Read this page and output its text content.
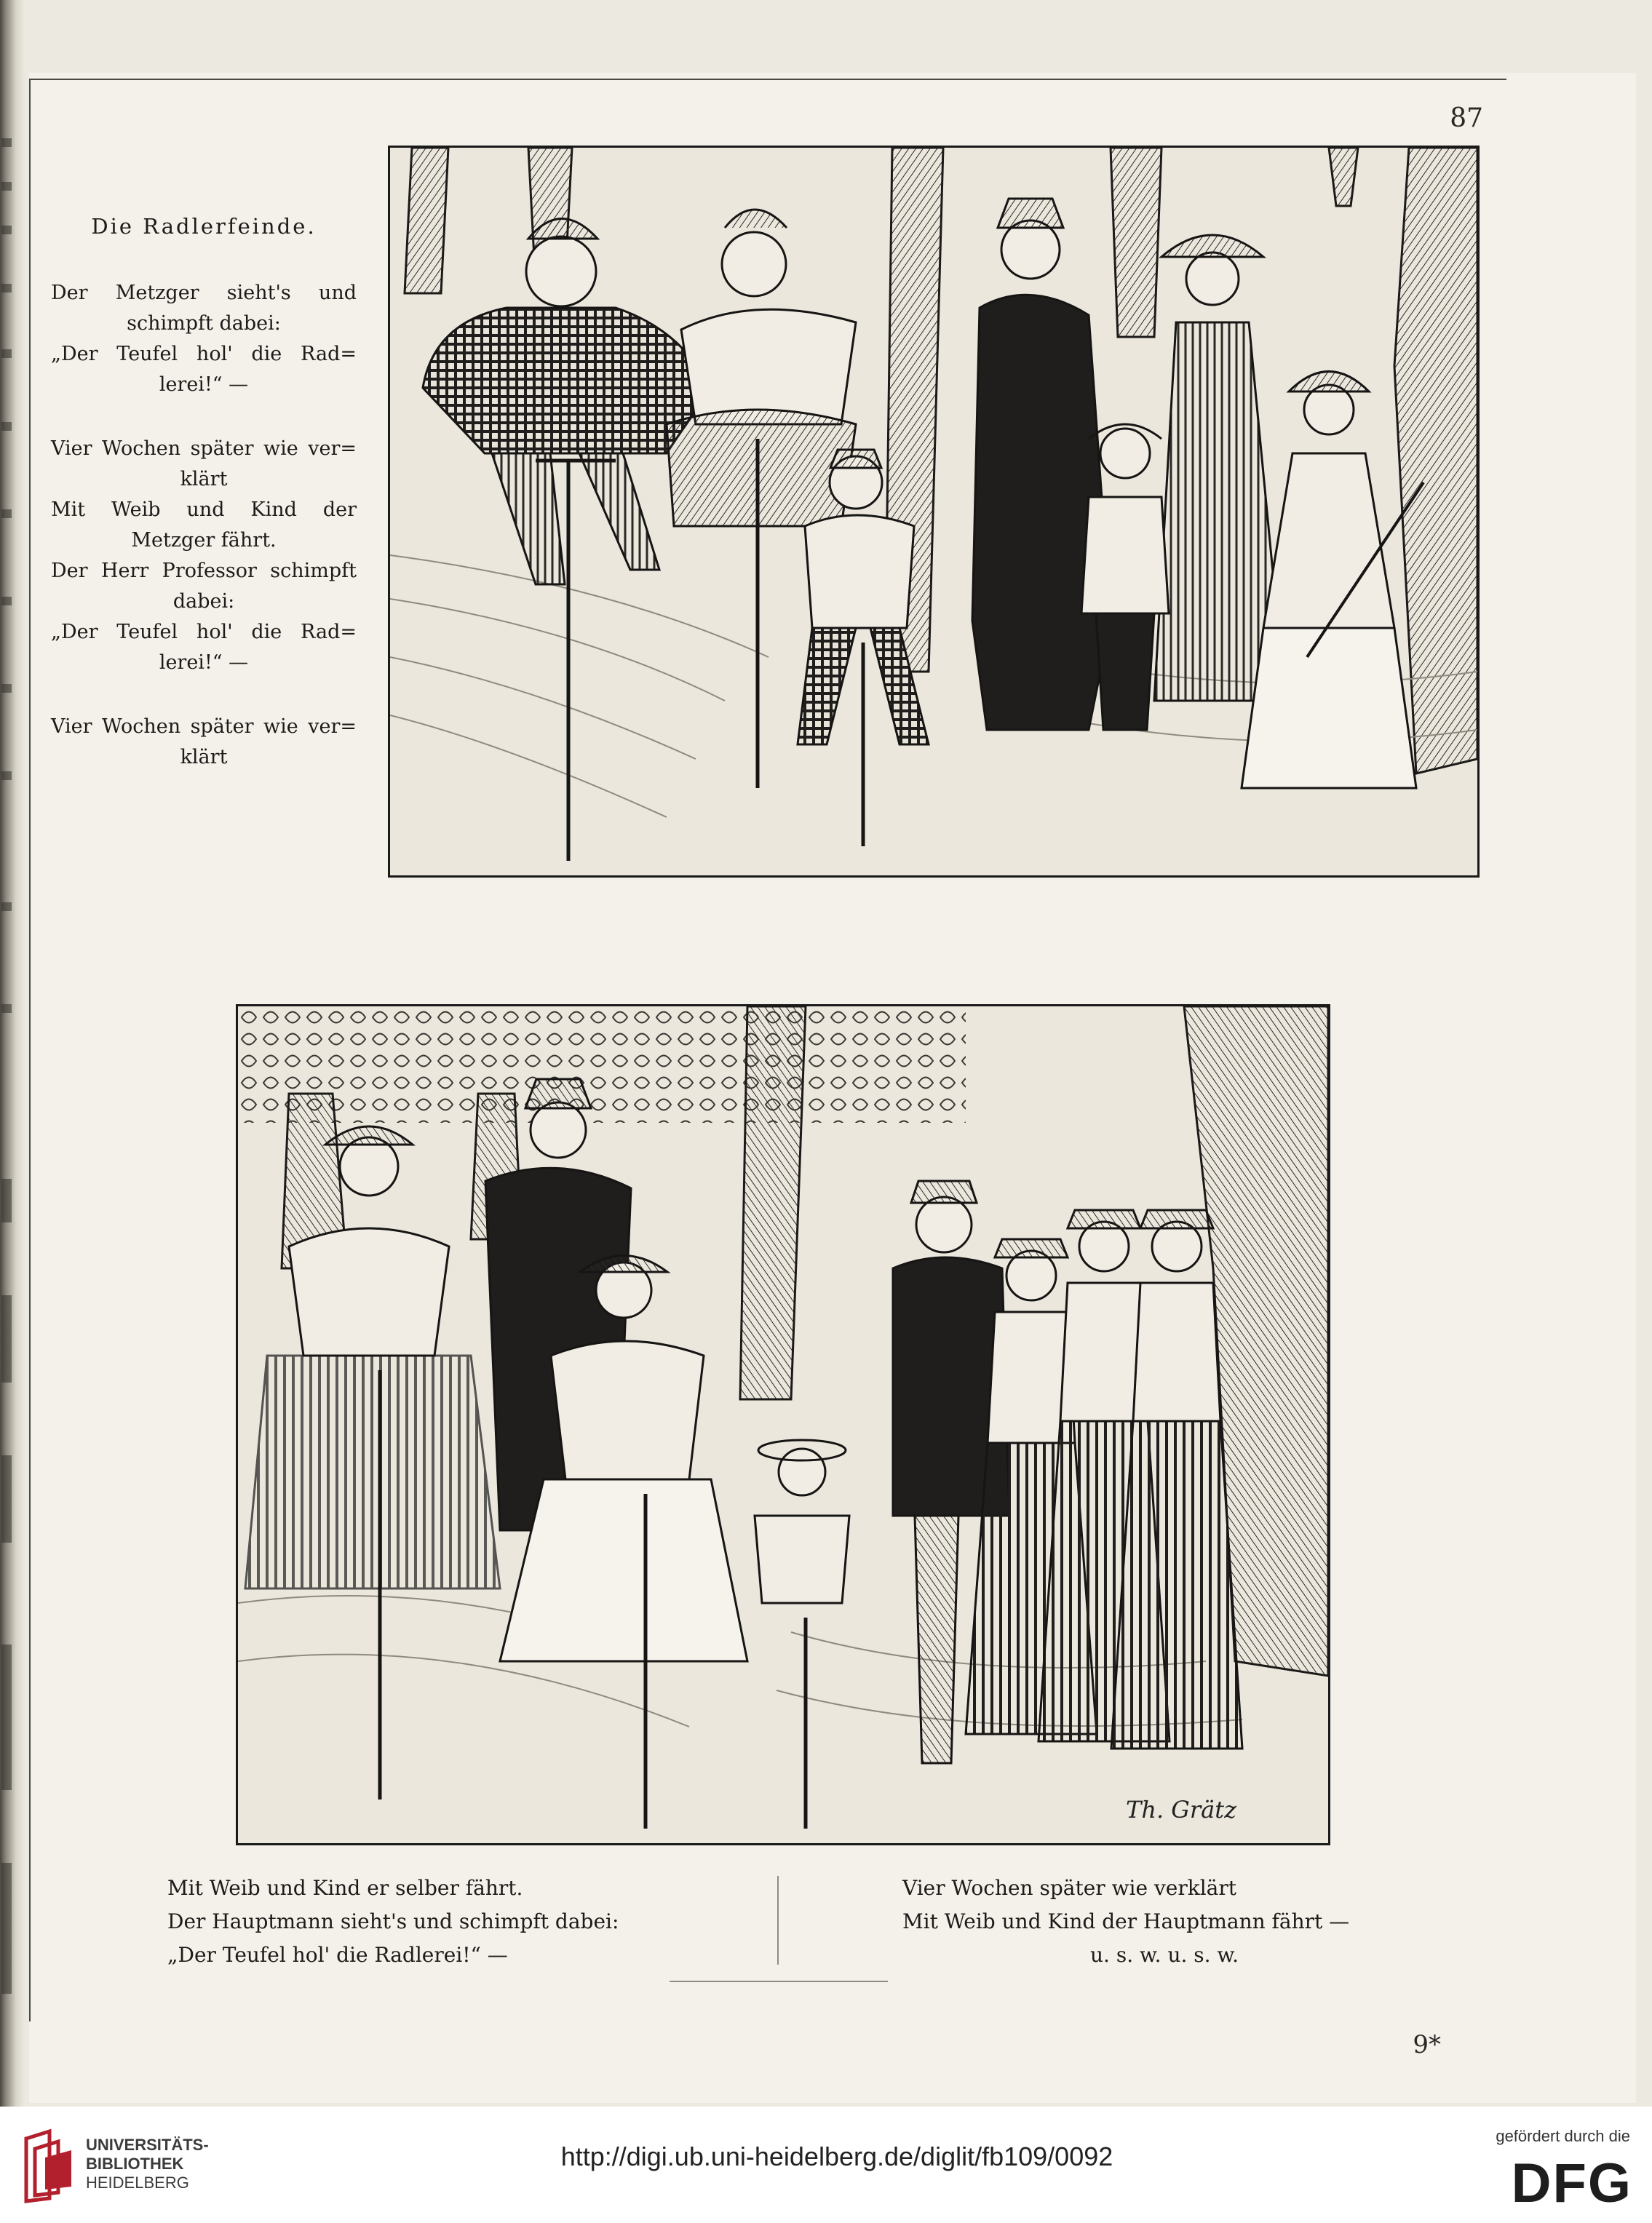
87
Die Radlerfeinde.
Der Metzger sieht's und
schimpft dabei:
„Der Teufel hol' die Rad=
lerei!“ —
Vier Wochen später wie ver=
klärt
Mit Weib und Kind der
Metzger fährt.
Der Herr Professor schimpft
dabei:
„Der Teufel hol' die Rad=
lerei!“ —
Vier Wochen später wie ver=
klärt
Th. Grätz
Mit Weib und Kind er selber fährt.
Der Hauptmann sieht's und schimpft dabei:
„Der Teufel hol' die Radlerei!“ —
Vier Wochen später wie verklärt
Mit Weib und Kind der Hauptmann fährt —
u. s. w. u. s. w.
9*
UNIVERSITÄTS-
BIBLIOTHEK
HEIDELBERG
http://digi.ub.uni-heidelberg.de/diglit/fb109/0092
gefördert durch die
DFG
